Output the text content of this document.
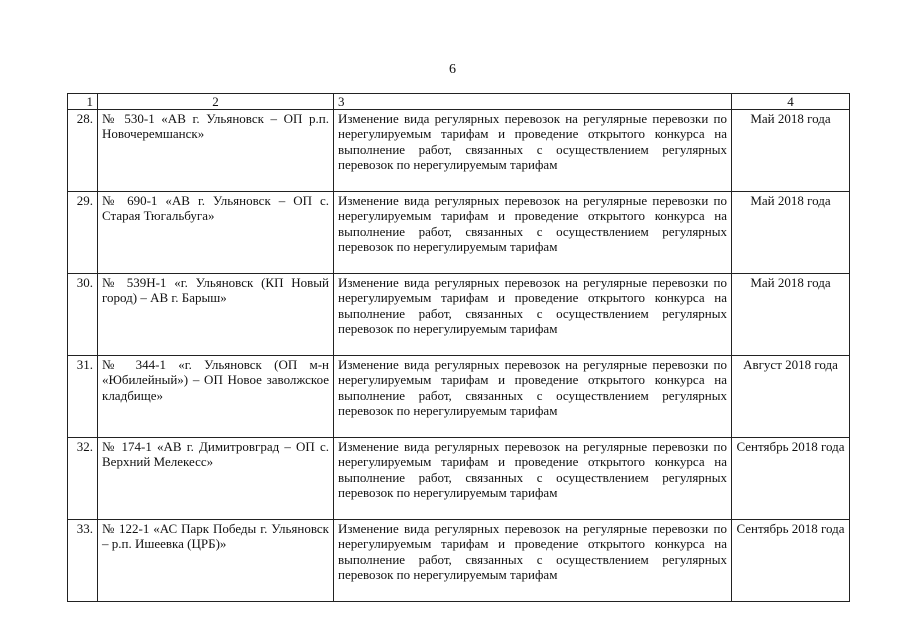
6
1	2	3	4
28.	№ 530-1 «АВ г. Ульяновск – ОП р.п. Новочеремшанск»	Изменение вида регулярных перевозок на регулярные перевозки по нерегулируемым тарифам и проведение открытого конкурса на выполнение работ, связанных с осуществлением регулярных перевозок по нерегулируемым тарифам	Май 2018 года
29.	№ 690-1 «АВ г. Ульяновск – ОП с. Старая Тюгальбуга»	Изменение вида регулярных перевозок на регулярные перевозки по нерегулируемым тарифам и проведение открытого конкурса на выполнение работ, связанных с осуществлением регулярных перевозок по нерегулируемым тарифам	Май 2018 года
30.	№ 539Н-1 «г. Ульяновск (КП Новый город) – АВ г. Барыш»	Изменение вида регулярных перевозок на регулярные перевозки по нерегулируемым тарифам и проведение открытого конкурса на выполнение работ, связанных с осуществлением регулярных перевозок по нерегулируемым тарифам	Май 2018 года
31.	№ 344-1 «г. Ульяновск (ОП м-н «Юбилейный») – ОП Новое заволжское кладбище»	Изменение вида регулярных перевозок на регулярные перевозки по нерегулируемым тарифам и проведение открытого конкурса на выполнение работ, связанных с осуществлением регулярных перевозок по нерегулируемым тарифам	Август 2018 года
32.	№ 174-1 «АВ г. Димитровград – ОП с. Верхний Мелекесс»	Изменение вида регулярных перевозок на регулярные перевозки по нерегулируемым тарифам и проведение открытого конкурса на выполнение работ, связанных с осуществлением регулярных перевозок по нерегулируемым тарифам	Сентябрь 2018 года
33.	№ 122-1 «АС Парк Победы г. Ульяновск – р.п. Ишеевка (ЦРБ)»	Изменение вида регулярных перевозок на регулярные перевозки по нерегулируемым тарифам и проведение открытого конкурса на выполнение работ, связанных с осуществлением регулярных перевозок по нерегулируемым тарифам	Сентябрь 2018 года
